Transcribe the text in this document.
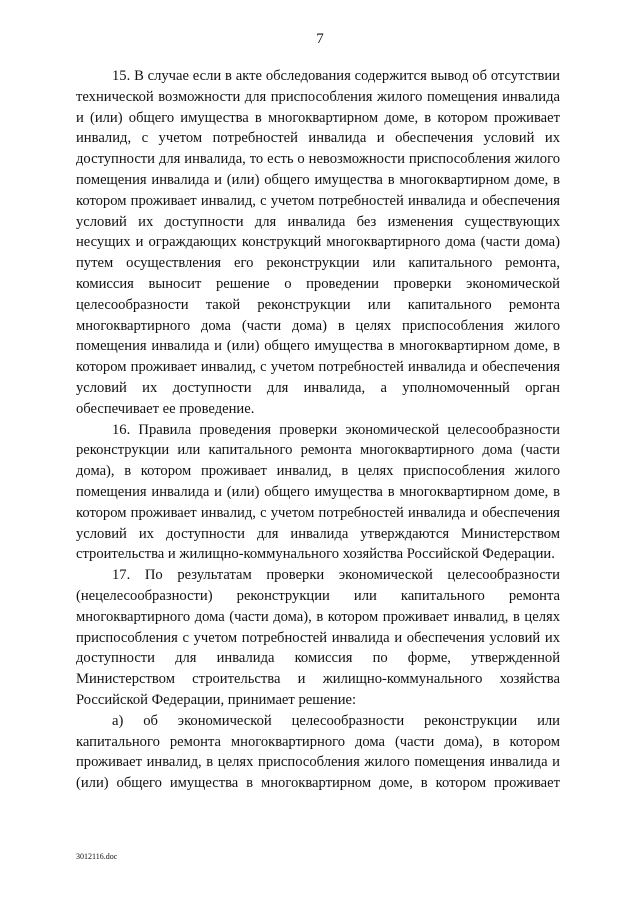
7

15. В случае если в акте обследования содержится вывод об отсутствии технической возможности для приспособления жилого помещения инвалида и (или) общего имущества в многоквартирном доме, в котором проживает инвалид, с учетом потребностей инвалида и обеспечения условий их доступности для инвалида, то есть о невозможности приспособления жилого помещения инвалида и (или) общего имущества в многоквартирном доме, в котором проживает инвалид, с учетом потребностей инвалида и обеспечения условий их доступности для инвалида без изменения существующих несущих и ограждающих конструкций многоквартирного дома (части дома) путем осуществления его реконструкции или капитального ремонта, комиссия выносит решение о проведении проверки экономической целесообразности такой реконструкции или капитального ремонта многоквартирного дома (части дома) в целях приспособления жилого помещения инвалида и (или) общего имущества в многоквартирном доме, в котором проживает инвалид, с учетом потребностей инвалида и обеспечения условий их доступности для инвалида, а уполномоченный орган обеспечивает ее проведение.

16. Правила проведения проверки экономической целесообразности реконструкции или капитального ремонта многоквартирного дома (части дома), в котором проживает инвалид, в целях приспособления жилого помещения инвалида и (или) общего имущества в многоквартирном доме, в котором проживает инвалид, с учетом потребностей инвалида и обеспечения условий их доступности для инвалида утверждаются Министерством строительства и жилищно-коммунального хозяйства Российской Федерации.

17. По результатам проверки экономической целесообразности (нецелесообразности) реконструкции или капитального ремонта многоквартирного дома (части дома), в котором проживает инвалид, в целях приспособления с учетом потребностей инвалида и обеспечения условий их доступности для инвалида комиссия по форме, утвержденной Министерством строительства и жилищно-коммунального хозяйства Российской Федерации, принимает решение:

а) об экономической целесообразности реконструкции или капитального ремонта многоквартирного дома (части дома), в котором проживает инвалид, в целях приспособления жилого помещения инвалида и (или) общего имущества в многоквартирном доме, в котором проживает

3012116.doc
